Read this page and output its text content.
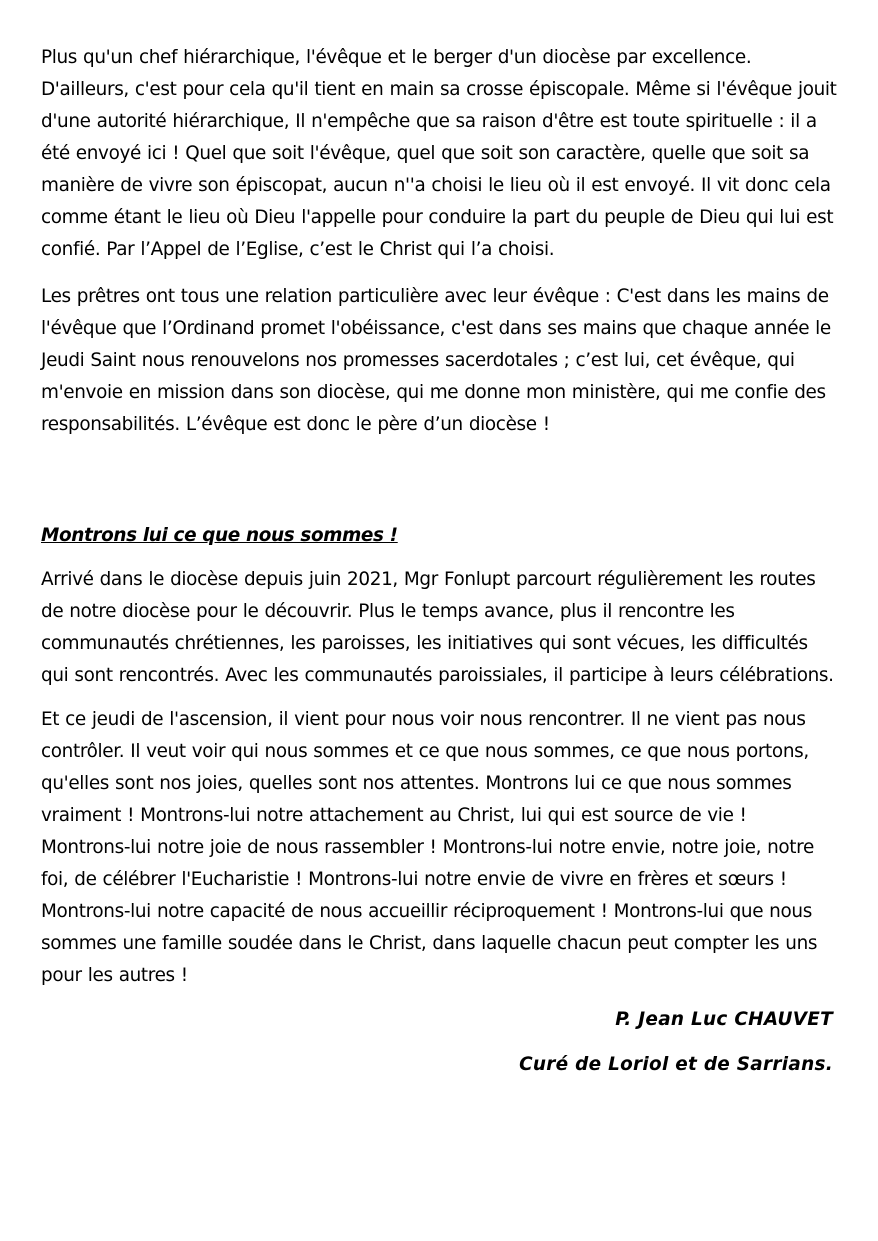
Plus qu'un chef hiérarchique, l'évêque et le berger d'un diocèse par excellence. D'ailleurs, c'est pour cela qu'il tient en main sa crosse épiscopale. Même si l'évêque jouit d'une autorité hiérarchique, Il n'empêche que sa raison d'être est toute spirituelle : il a été envoyé ici ! Quel que soit l'évêque, quel que soit son caractère, quelle que soit sa manière de vivre son épiscopat, aucun n''a choisi le lieu où il est envoyé. Il vit donc cela comme étant le lieu où Dieu l'appelle pour conduire la part du peuple de Dieu qui lui est confié. Par l’Appel de l’Eglise, c’est le Christ qui l’a choisi.

Les prêtres ont tous une relation particulière avec leur évêque : C'est dans les mains de l'évêque que l’Ordinand promet l'obéissance, c'est dans ses mains que chaque année le Jeudi Saint nous renouvelons nos promesses sacerdotales ; c’est lui, cet évêque, qui m'envoie en mission dans son diocèse, qui me donne mon ministère, qui me confie des responsabilités. L’évêque est donc le père d’un diocèse !

Montrons lui ce que nous sommes !

Arrivé dans le diocèse depuis juin 2021, Mgr Fonlupt parcourt régulièrement les routes de notre diocèse pour le découvrir. Plus le temps avance, plus il rencontre les communautés chrétiennes, les paroisses, les initiatives qui sont vécues, les difficultés qui sont rencontrés. Avec les communautés paroissiales, il participe à leurs célébrations.

Et ce jeudi de l'ascension, il vient pour nous voir nous rencontrer. Il ne vient pas nous contrôler. Il veut voir qui nous sommes et ce que nous sommes, ce que nous portons, qu'elles sont nos joies, quelles sont nos attentes. Montrons lui ce que nous sommes vraiment ! Montrons-lui notre attachement au Christ, lui qui est source de vie ! Montrons-lui notre joie de nous rassembler ! Montrons-lui notre envie, notre joie, notre foi, de célébrer l'Eucharistie ! Montrons-lui notre envie de vivre en frères et sœurs ! Montrons-lui notre capacité de nous accueillir réciproquement ! Montrons-lui que nous sommes une famille soudée dans le Christ, dans laquelle chacun peut compter les uns pour les autres !

P. Jean Luc CHAUVET

Curé de Loriol et de Sarrians.
